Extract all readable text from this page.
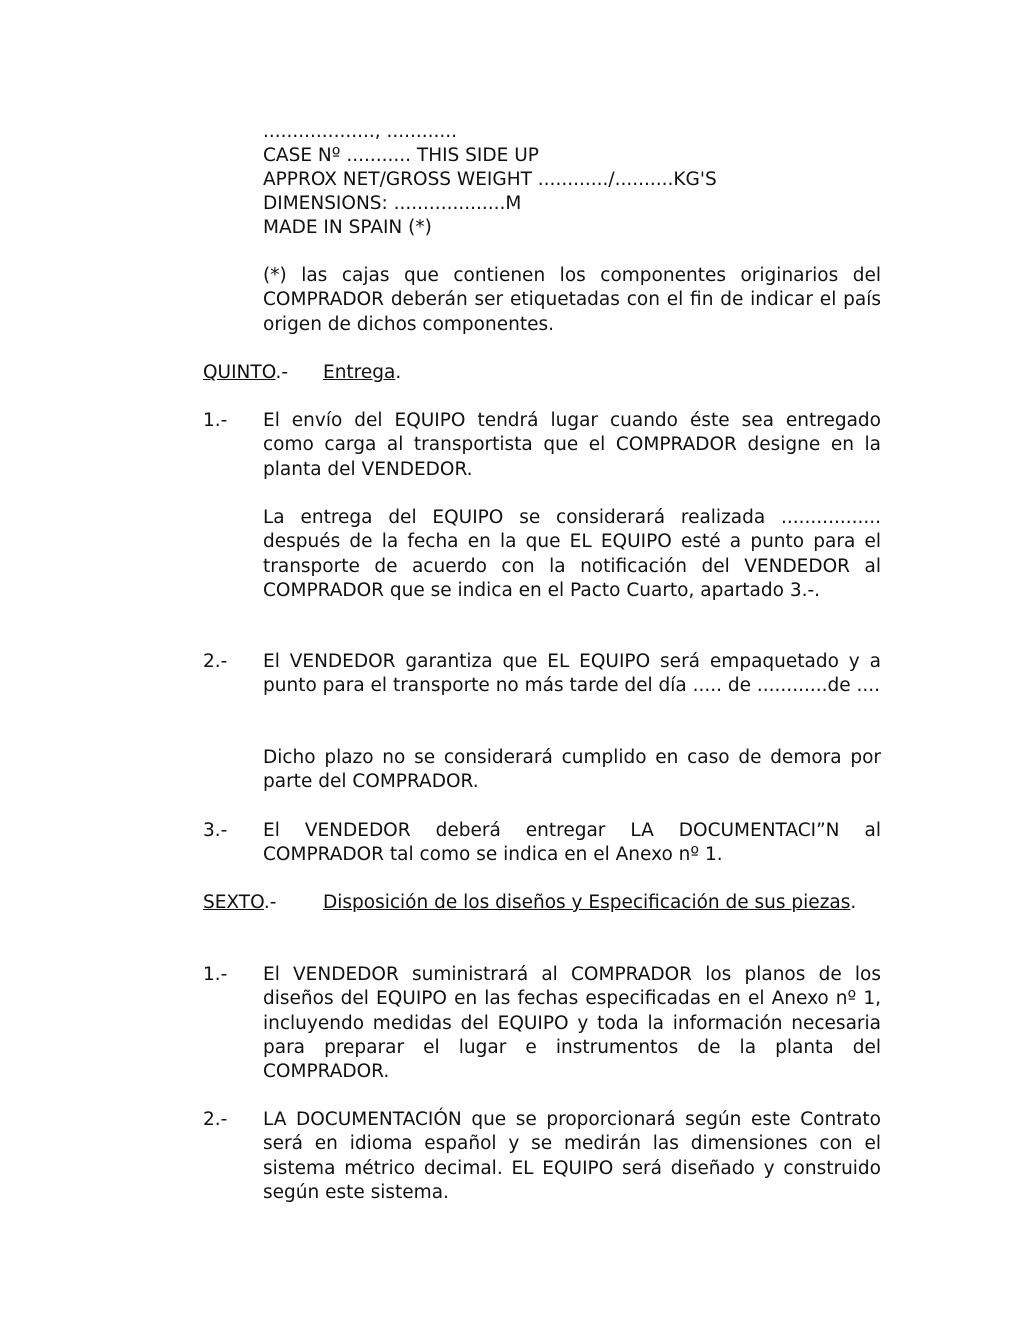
..................., ............
CASE Nº ........... THIS SIDE UP
APPROX NET/GROSS WEIGHT ............/..........KG'S
DIMENSIONS: ...................M
MADE IN SPAIN (*)
(*) las cajas que contienen los componentes originarios del COMPRADOR deberán ser etiquetadas con el fin de indicar el país origen de dichos componentes.
QUINTO.- Entrega.
1.- El envío del EQUIPO tendrá lugar cuando éste sea entregado como carga al transportista que el COMPRADOR designe en la planta del VENDEDOR.
La entrega del EQUIPO se considerará realizada ................. después de la fecha en la que EL EQUIPO esté a punto para el transporte de acuerdo con la notificación del VENDEDOR al COMPRADOR que se indica en el Pacto Cuarto, apartado 3.-.
2.- El VENDEDOR garantiza que EL EQUIPO será empaquetado y a punto para el transporte no más tarde del día ..... de ............de ....
Dicho plazo no se considerará cumplido en caso de demora por parte del COMPRADOR.
3.- El VENDEDOR deberá entregar LA DOCUMENTACI”N al COMPRADOR tal como se indica en el Anexo nº 1.
SEXTO.-	Disposición de los diseños y Especificación de sus piezas.
1.- El VENDEDOR suministrará al COMPRADOR los planos de los diseños del EQUIPO en las fechas especificadas en el Anexo nº 1, incluyendo medidas del EQUIPO y toda la información necesaria para preparar el lugar e instrumentos de la planta del COMPRADOR.
2.- LA DOCUMENTACIÓN que se proporcionará según este Contrato será en idioma español y se medirán las dimensiones con el sistema métrico decimal. EL EQUIPO será diseñado y construido según este sistema.
